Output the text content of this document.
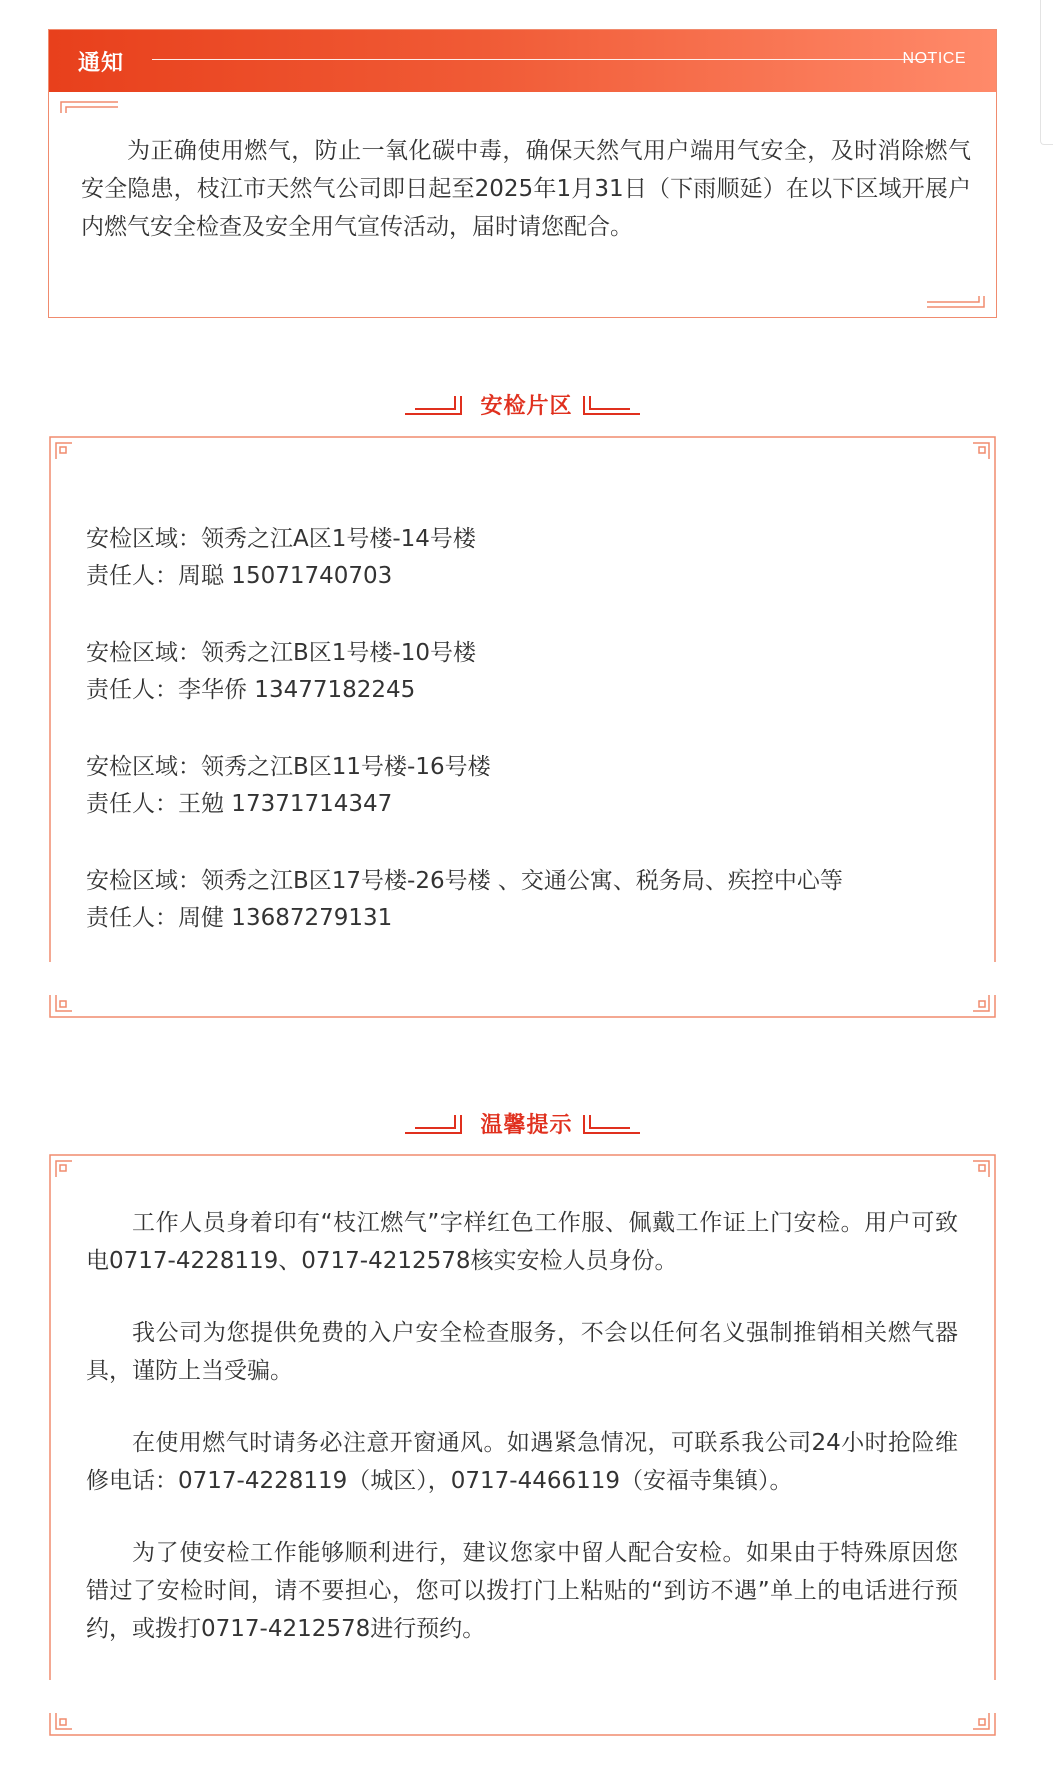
通知	NOTICE
为正确使用燃气，防止一氧化碳中毒，确保天然气用户端用气安全，及时消除燃气安全隐患，枝江市天然气公司即日起至2025年1月31日（下雨顺延）在以下区域开展户内燃气安全检查及安全用气宣传活动，届时请您配合。
安检片区
安检区域：领秀之江A区1号楼-14号楼
责任人：周聪 15071740703
安检区域：领秀之江B区1号楼-10号楼
责任人：李华侨 13477182245
安检区域：领秀之江B区11号楼-16号楼
责任人：王勉 17371714347
安检区域：领秀之江B区17号楼-26号楼 、交通公寓、税务局、疾控中心等
责任人：周健 13687279131
温馨提示

工作人员身着印有“枝江燃气”字样红色工作服、佩戴工作证上门安检。用户可致电0717-4228119、0717-4212578核实安检人员身份。

我公司为您提供免费的入户安全检查服务，不会以任何名义强制推销相关燃气器具，谨防上当受骗。

在使用燃气时请务必注意开窗通风。如遇紧急情况，可联系我公司24小时抢险维修电话：0717-4228119（城区），0717-4466119（安福寺集镇）。

为了使安检工作能够顺利进行，建议您家中留人配合安检。如果由于特殊原因您错过了安检时间，请不要担心，您可以拨打门上粘贴的“到访不遇”单上的电话进行预约，或拨打0717-4212578进行预约。
